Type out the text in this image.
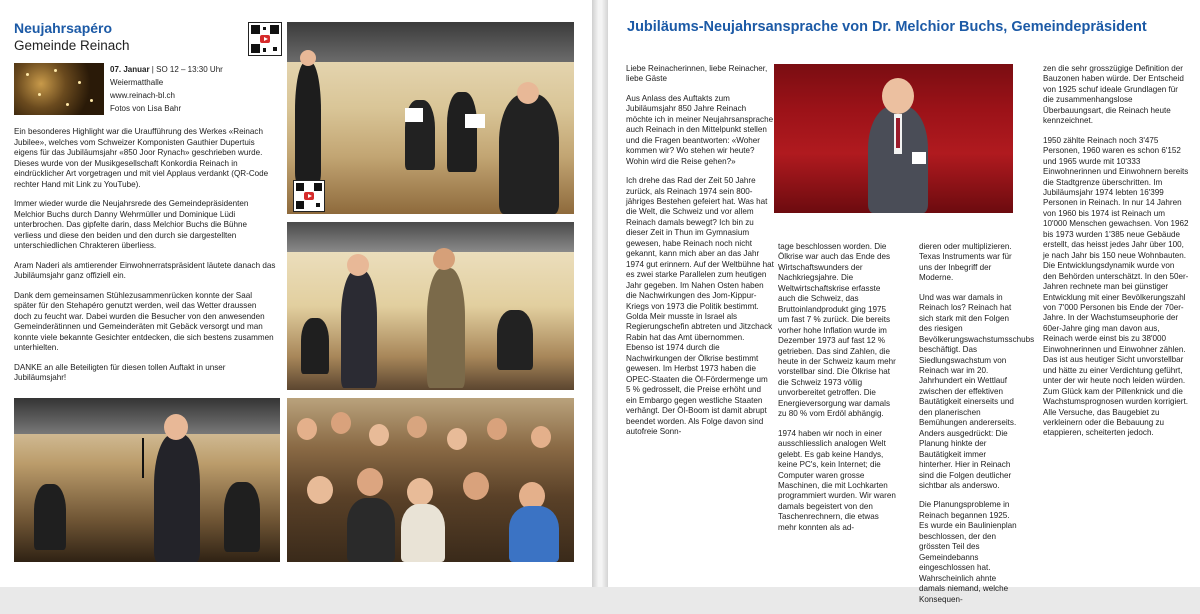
Neujahrsapéro
Gemeinde Reinach
07. Januar | SO 12 – 13:30 Uhr
Weiermatthalle
www.reinach-bl.ch
Fotos von Lisa Bahr

Ein besonderes Highlight war die Uraufführung des Werkes «Reinach Jubilee», welches vom Schweizer Komponisten Gauthier Dupertuis eigens für das Jubiläumsjahr «850 Joor Rynach» geschrieben wurde. Dieses wurde von der Musikgesellschaft Konkordia Reinach in eindrücklicher Art vorgetragen und mit viel Applaus verdankt (QR-Code rechter Hand mit Link zu YouTube).

Immer wieder wurde die Neujahrsrede des Gemeindepräsidenten Melchior Buchs durch Danny Wehrmüller und Dominique Lüdi unterbrochen. Das gipfelte darin, dass Melchior Buchs die Bühne verliess und diese den beiden und den durch sie dargestellten unterschiedlichen Chrakteren überliess.

Aram Naderi als amtierender Einwohnerratspräsident läutete danach das Jubiläumsjahr ganz offiziell ein.

Dank dem gemeinsamen Stühlezusammenrücken konnte der Saal später für den Stehapéro genutzt werden, weil das Wetter draussen doch zu feucht war. Dabei wurden die Besucher von den anwesenden Gemeinderätinnen und Gemeinderäten mit Gebäck versorgt und man konnte viele bekannte Gesichter entdecken, die sich bestens zusammen unterhielten.

DANKE an alle Beteiligten für diesen tollen Auftakt in unser Jubiläumsjahr!

Jubiläums-Neujahrsansprache von Dr. Melchior Buchs, Gemeindepräsident

Liebe Reinacherinnen, liebe Reinacher, liebe Gäste

Aus Anlass des Auftakts zum Jubiläumsjahr 850 Jahre Reinach möchte ich in meiner Neujahrsansprache auch Reinach in den Mittelpunkt stellen und die Fragen beantworten: «Woher kommen wir? Wo stehen wir heute? Wohin wird die Reise gehen?»

Ich drehe das Rad der Zeit 50 Jahre zurück, als Reinach 1974 sein 800-jähriges Bestehen gefeiert hat. Was hat die Welt, die Schweiz und vor allem Reinach damals bewegt? Ich bin zu dieser Zeit in Thun im Gymnasium gewesen, habe Reinach noch nicht gekannt, kann mich aber an das Jahr 1974 gut erinnern. Auf der Weltbühne hat es zwei starke Parallelen zum heutigen Jahr gegeben. Im Nahen Osten haben die Nachwirkungen des Jom-Kippur-Kriegs von 1973 die Politik bestimmt. Golda Meir musste in Israel als Regierungschefin abtreten und Jitzchack Rabin hat das Amt übernommen. Ebenso ist 1974 durch die Nachwirkungen der Ölkrise bestimmt gewesen. Im Herbst 1973 haben die OPEC-Staaten die Öl-Fördermenge um 5 % gedrosselt, die Preise erhöht und ein Embargo gegen westliche Staaten verhängt. Der Öl-Boom ist damit abrupt beendet worden. Als Folge davon sind autofreie Sonn-

tage beschlossen worden. Die Ölkrise war auch das Ende des Wirtschaftswunders der Nachkriegsjahre. Die Weltwirtschaftskrise erfasste auch die Schweiz, das Bruttoinlandprodukt ging 1975 um fast 7 % zurück. Die bereits vorher hohe Inflation wurde im Dezember 1973 auf fast 12 % getrieben. Das sind Zahlen, die heute in der Schweiz kaum mehr vorstellbar sind. Die Ölkrise hat die Schweiz 1973 völlig unvorbereitet getroffen. Die Energieversorgung war damals zu 80 % vom Erdöl abhängig.

1974 haben wir noch in einer ausschliesslich analogen Welt gelebt. Es gab keine Handys, keine PC's, kein Internet; die Computer waren grosse Maschinen, die mit Lochkarten programmiert wurden. Wir waren damals begeistert von den Taschenrechnern, die etwas mehr konnten als ad-

dieren oder multiplizieren. Texas Instruments war für uns der Inbegriff der Moderne.

Und was war damals in Reinach los? Reinach hat sich stark mit den Folgen des riesigen Bevölkerungswachstumsschubs beschäftigt. Das Siedlungswachstum von Reinach war im 20. Jahrhundert ein Wettlauf zwischen der effektiven Bautätigkeit einerseits und den planerischen Bemühungen andererseits. Anders ausgedrückt: Die Planung hinkte der Bautätigkeit immer hinterher. Hier in Reinach sind die Folgen deutlicher sichtbar als anderswo.

Die Planungsprobleme in Reinach begannen 1925. Es wurde ein Baulinienplan beschlossen, der den grössten Teil des Gemeindebanns eingeschlossen hat. Wahrscheinlich ahnte damals niemand, welche Konsequen-

zen die sehr grosszügige Definition der Bauzonen haben würde. Der Entscheid von 1925 schuf ideale Grundlagen für die zusammenhangslose Überbauungsart, die Reinach heute kennzeichnet.

1950 zählte Reinach noch 3'475 Personen, 1960 waren es schon 6'152 und 1965 wurde mit 10'333 Einwohnerinnen und Einwohnern bereits die Stadtgrenze überschritten. Im Jubiläumsjahr 1974 lebten 16'399 Personen in Reinach. In nur 14 Jahren von 1960 bis 1974 ist Reinach um 10'000 Menschen gewachsen. Von 1962 bis 1973 wurden 1'385 neue Gebäude erstellt, das heisst jedes Jahr über 100, je nach Jahr bis 150 neue Wohnbauten. Die Entwicklungsdynamik wurde von den Behörden unterschätzt. In den 50er-Jahren rechnete man bei günstiger Entwicklung mit einer Bevölkerungszahl von 7'000 Personen bis Ende der 70er-Jahre. In der Wachstumseuphorie der 60er-Jahre ging man davon aus, Reinach werde einst bis zu 38'000 Einwohnerinnen und Einwohner zählen. Das ist aus heutiger Sicht unvorstellbar und hätte zu einer Verdichtung geführt, unter der wir heute noch leiden würden. Zum Glück kam der Pillenknick und die Wachstumsprognosen wurden korrigiert. Alle Versuche, das Baugebiet zu verkleinern oder die Bebauung zu etappieren, scheiterten jedoch.
